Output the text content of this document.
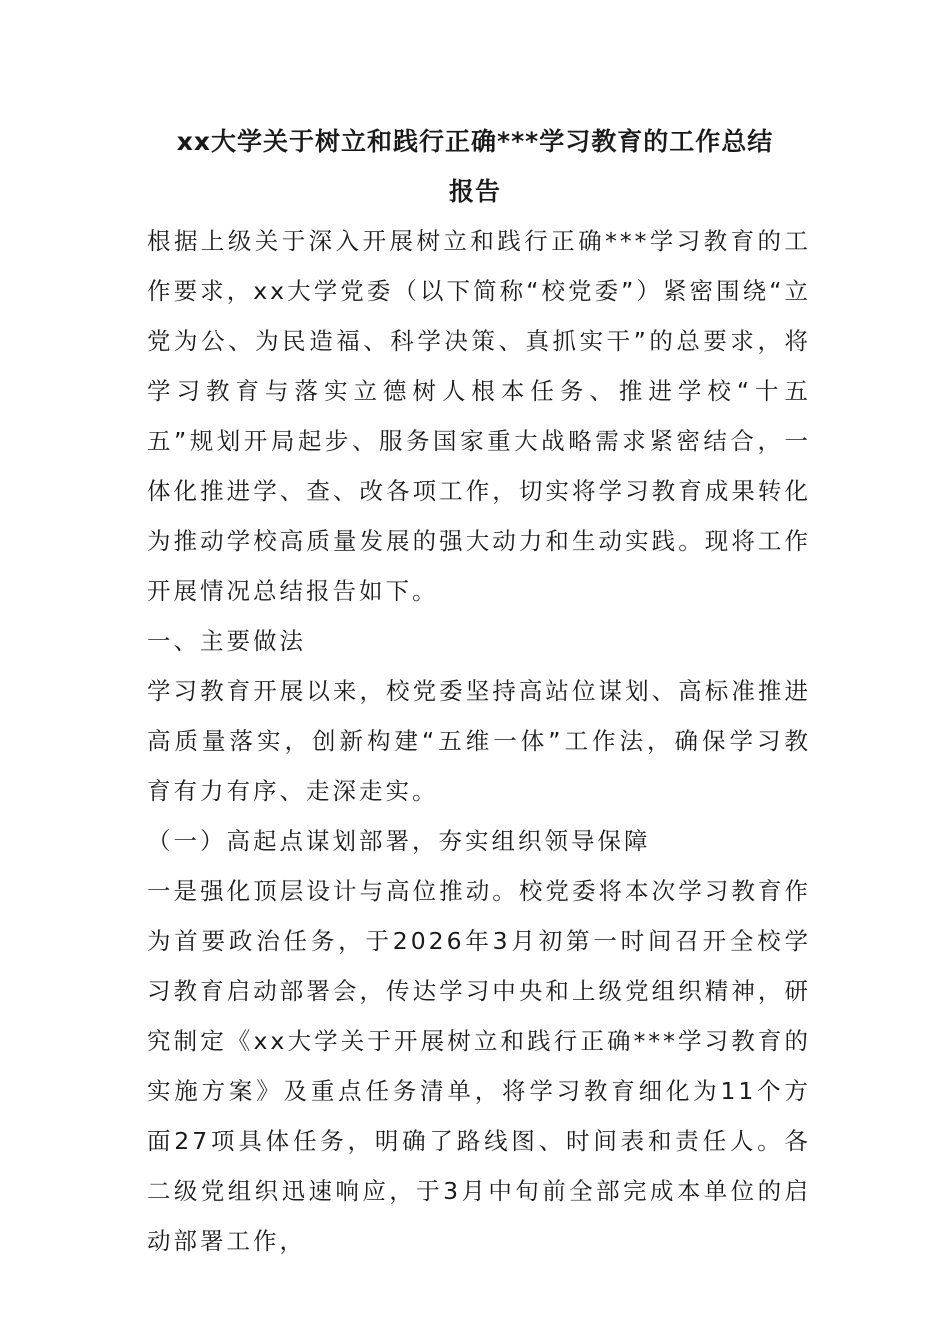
xx大学关于树立和践行正确***学习教育的工作总结
报告

根据上级关于深入开展树立和践行正确***学习教育的工作要求，xx大学党委（以下简称“校党委”）紧密围绕“立党为公、为民造福、科学决策、真抓实干”的总要求，将学习教育与落实立德树人根本任务、推进学校“十五五”规划开局起步、服务国家重大战略需求紧密结合，一体化推进学、查、改各项工作，切实将学习教育成果转化为推动学校高质量发展的强大动力和生动实践。现将工作开展情况总结报告如下。

一、主要做法

学习教育开展以来，校党委坚持高站位谋划、高标准推进高质量落实，创新构建“五维一体”工作法，确保学习教育有力有序、走深走实。

（一）高起点谋划部署，夯实组织领导保障

一是强化顶层设计与高位推动。校党委将本次学习教育作为首要政治任务，于2026年3月初第一时间召开全校学习教育启动部署会，传达学习中央和上级党组织精神，研究制定《xx大学关于开展树立和践行正确***学习教育的实施方案》及重点任务清单，将学习教育细化为11个方面27项具体任务，明确了路线图、时间表和责任人。各二级党组织迅速响应，于3月中旬前全部完成本单位的启动部署工作，
